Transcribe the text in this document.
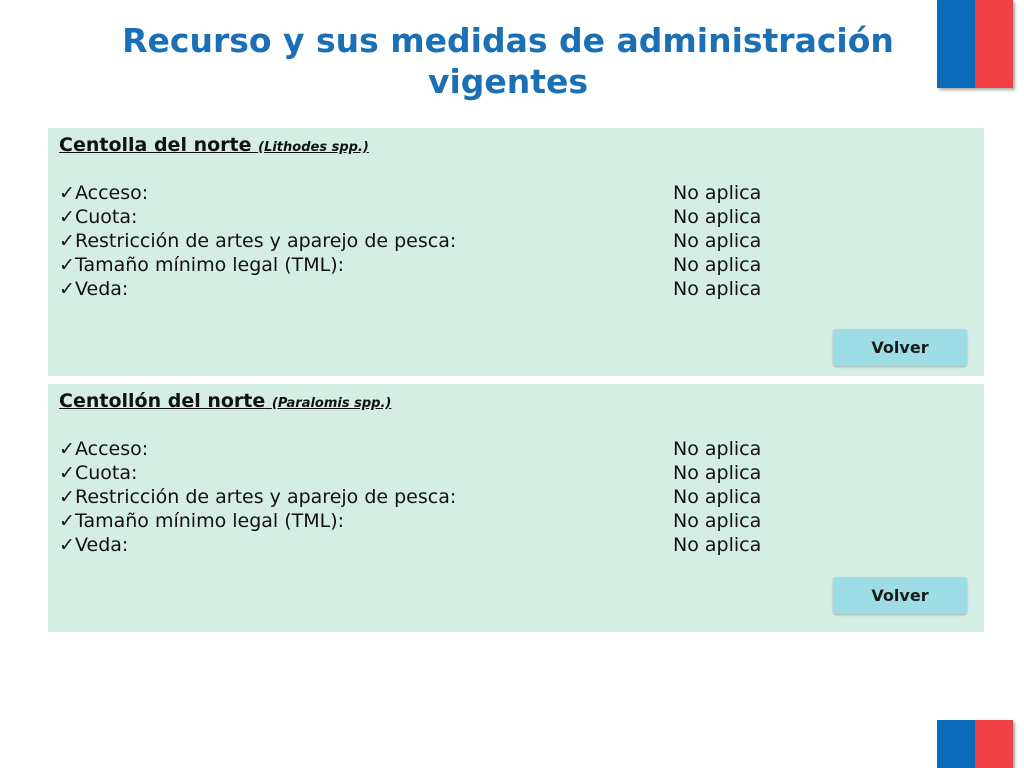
Recurso y sus medidas de administración vigentes
Centolla del norte (Lithodes spp.)
✓Acceso:	No aplica
✓Cuota:	No aplica
✓Restricción de artes y aparejo de pesca:	No aplica
✓Tamaño mínimo legal (TML):	No aplica
✓Veda:	No aplica
Volver
Centollón del norte (Paralomis spp.)
✓Acceso:	No aplica
✓Cuota:	No aplica
✓Restricción de artes y aparejo de pesca:	No aplica
✓Tamaño mínimo legal (TML):	No aplica
✓Veda:	No aplica
Volver
